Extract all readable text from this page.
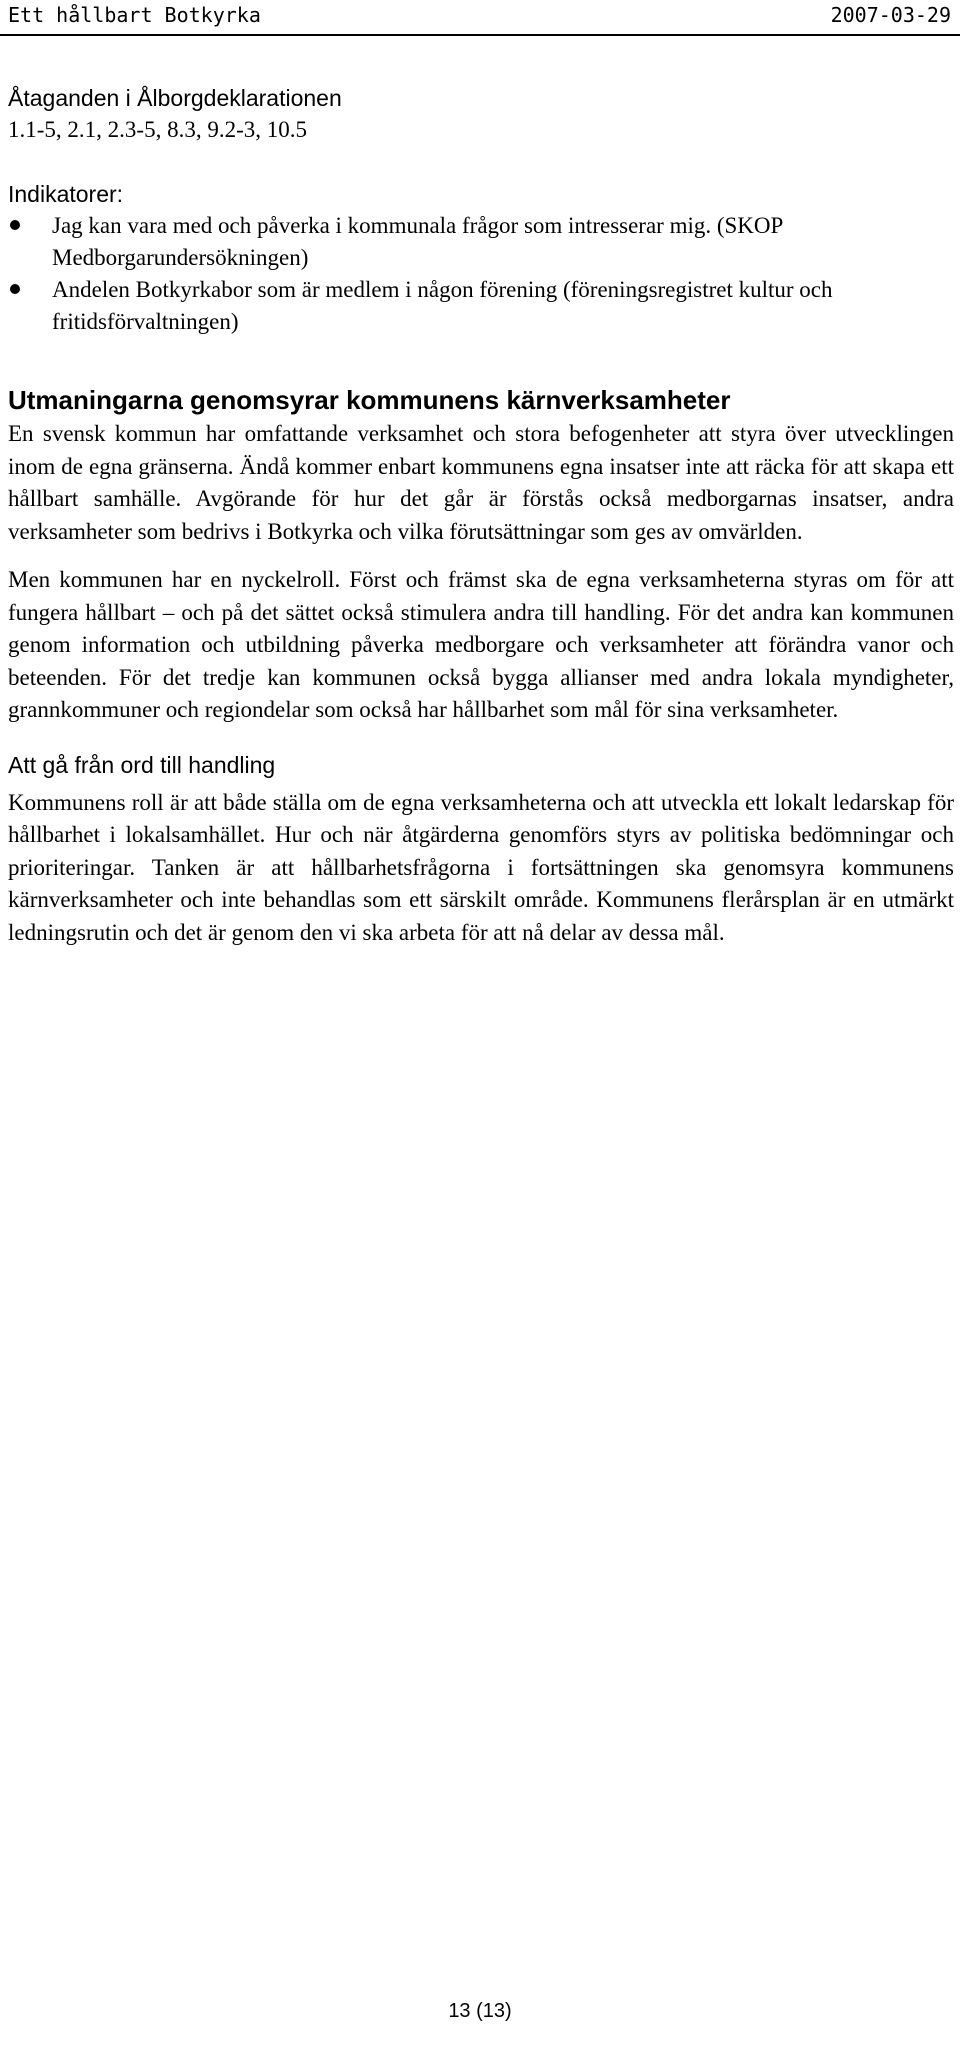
Ett hållbart Botkyrka	2007-03-29

Åtaganden i Ålborgdeklarationen

1.1-5, 2.1, 2.3-5, 8.3, 9.2-3, 10.5

Indikatorer:

Jag kan vara med och påverka i kommunala frågor som intresserar mig. (SKOP Medborgarundersökningen)
Andelen Botkyrkabor som är medlem i någon förening (föreningsregistret kultur och fritidsförvaltningen)
Utmaningarna genomsyrar kommunens kärnverksamheter

En svensk kommun har omfattande verksamhet och stora befogenheter att styra över utvecklingen inom de egna gränserna. Ändå kommer enbart kommunens egna insatser inte att räcka för att skapa ett hållbart samhälle. Avgörande för hur det går är förstås också medborgarnas insatser, andra verksamheter som bedrivs i Botkyrka och vilka förutsättningar som ges av omvärlden.

Men kommunen har en nyckelroll. Först och främst ska de egna verksamheterna styras om för att fungera hållbart – och på det sättet också stimulera andra till handling. För det andra kan kommunen genom information och utbildning påverka medborgare och verksamheter att förändra vanor och beteenden. För det tredje kan kommunen också bygga allianser med andra lokala myndigheter, grannkommuner och regiondelar som också har hållbarhet som mål för sina verksamheter.

Att gå från ord till handling

Kommunens roll är att både ställa om de egna verksamheterna och att utveckla ett lokalt ledarskap för hållbarhet i lokalsamhället. Hur och när åtgärderna genomförs styrs av politiska bedömningar och prioriteringar. Tanken är att hållbarhetsfrågorna i fortsättningen ska genomsyra kommunens kärnverksamheter och inte behandlas som ett särskilt område. Kommunens flerårsplan är en utmärkt ledningsrutin och det är genom den vi ska arbeta för att nå delar av dessa mål.

13 (13)
